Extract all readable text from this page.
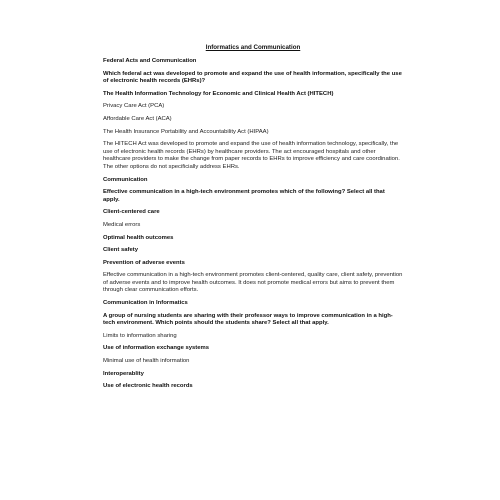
Informatics and Communication
Federal Acts and Communication
Which federal act was developed to promote and expand the use of health information, specifically the use of electronic health records (EHRs)?
The Health Information Technology for Economic and Clinical Health Act (HITECH)
Privacy Care Act (PCA)
Affordable Care Act (ACA)
The Health Insurance Portability and Accountability Act (HIPAA)
The HITECH Act was developed to promote and expand the use of health information technology, specifically, the use of electronic health records (EHRs) by healthcare providers. The act encouraged hospitals and other healthcare providers to make the change from paper records to EHRs to improve efficiency and care coordination. The other options do not specificially address EHRs.
Communication
Effective communication in a high-tech environment promotes which of the following? Select all that apply.
Client-centered care
Medical errors
Optimal health outcomes
Client safety
Prevention of adverse events
Effective communication in a high-tech environment promotes client-centered, quality care, client safety, prevention of adverse events and to improve health outcomes. It does not promote medical errors but aims to prevent them through clear communication efforts.
Communication in Informatics
A group of nursing students are sharing with their professor ways to improve communication in a high-tech environment. Which points should the students share? Select all that apply.
Limits to information sharing
Use of information exchange systems
Minimal use of health information
Interoperablity
Use of electronic health records
